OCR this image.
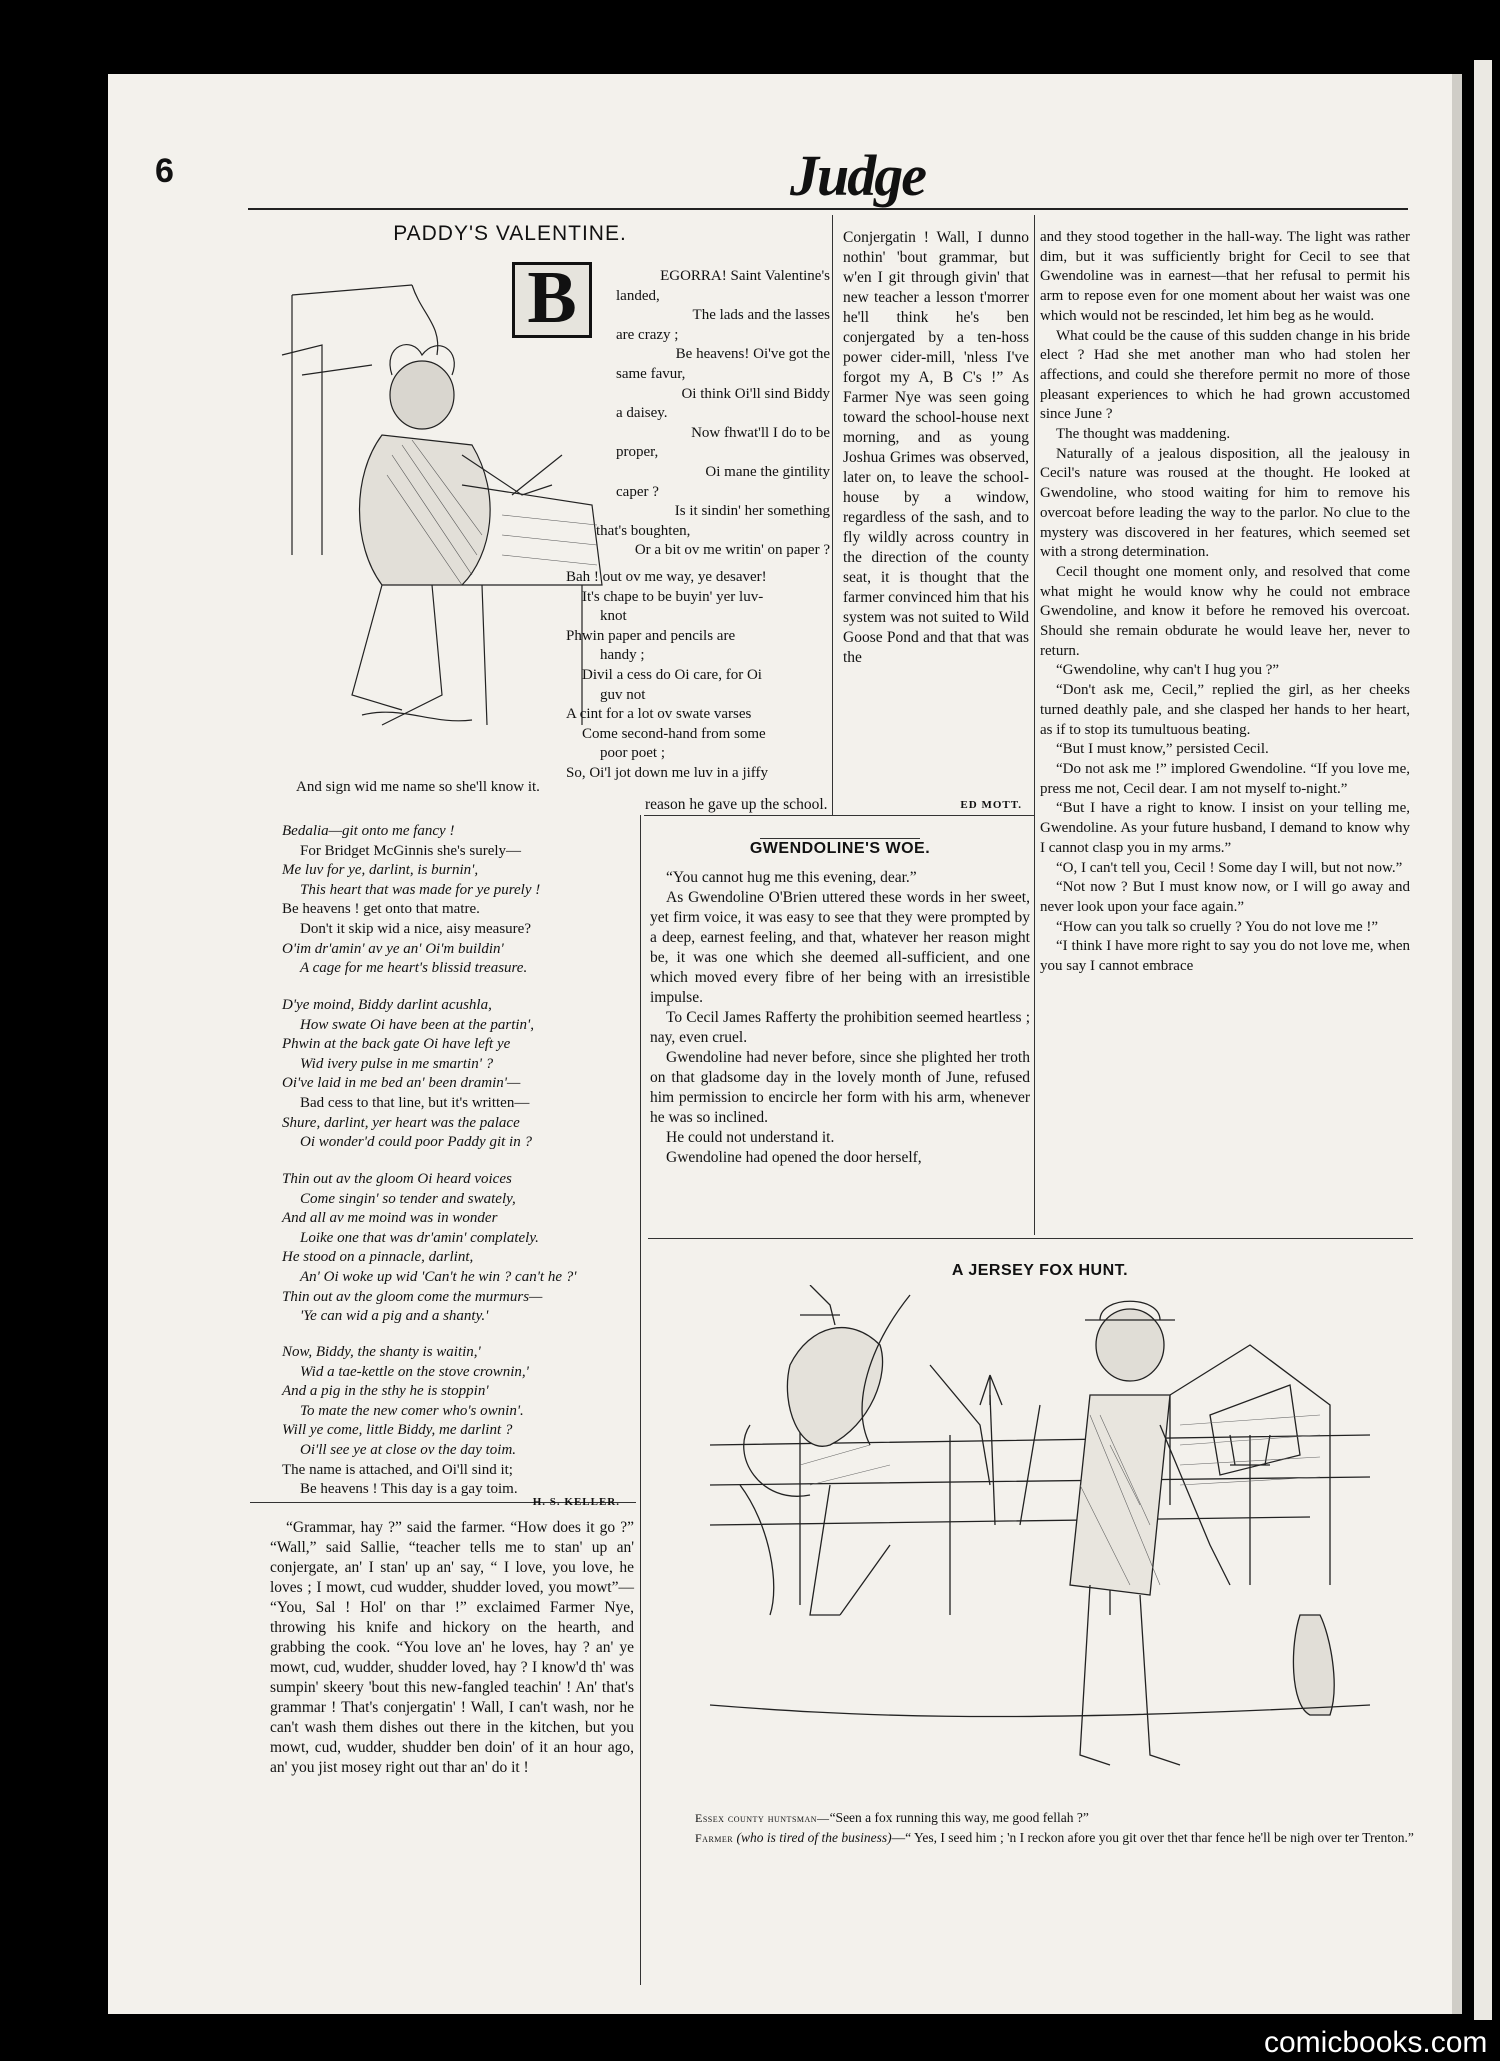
6	Judge
PADDY'S VALENTINE.
B	EGORRA! Saint Valentine's
landed,
The lads and the lasses
are crazy ;
Be heavens! Oi've got the
same favur,
Oi think Oi'll sind Biddy
a daisey.
Now fhwat'll I do to be
proper,
Oi mane the gintility
caper ?
Is it sindin' her something
that's boughten,
Or a bit ov me writin' on paper ?
Bah ! out ov me way, ye desaver!
It's chape to be buyin' yer luv-
knot
Phwin paper and pencils are
handy ;
Divil a cess do Oi care, for Oi
guv not
A cint for a lot ov swate varses
Come second-hand from some
poor poet ;
So, Oi'l jot down me luv in a jiffy
And sign wid me name so she'll know it.
Bedalia—git onto me fancy !
For Bridget McGinnis she's surely—
Me luv for ye, darlint, is burnin',
This heart that was made for ye purely !
Be heavens ! get onto that matre.
Don't it skip wid a nice, aisy measure?
O'im dr'amin' av ye an' Oi'm buildin'
A cage for me heart's blissid treasure.
D'ye moind, Biddy darlint acushla,
How swate Oi have been at the partin',
Phwin at the back gate Oi have left ye
Wid ivery pulse in me smartin' ?
Oi've laid in me bed an' been dramin'—
Bad cess to that line, but it's written—
Shure, darlint, yer heart was the palace
Oi wonder'd could poor Paddy git in ?
Thin out av the gloom Oi heard voices
Come singin' so tender and swately,
And all av me moind was in wonder
Loike one that was dr'amin' complately.
He stood on a pinnacle, darlint,
An' Oi woke up wid 'Can't he win ? can't he ?'
Thin out av the gloom come the murmurs—
'Ye can wid a pig and a shanty.'
Now, Biddy, the shanty is waitin,'
Wid a tae-kettle on the stove crownin,'
And a pig in the sthy he is stoppin'
To mate the new comer who's ownin'.
Will ye come, little Biddy, me darlint ?
Oi'll see ye at close ov the day toim.
The name is attached, and Oi'll sind it;
Be heavens ! This day is a gay toim.
H. S. KELLER.

“Grammar, hay ?” said the farmer. “How does it go ?” “Wall,” said Sallie, “teacher tells me to stan' up an' conjergate, an' I stan' up an' say, “ I love, you love, he loves ; I mowt, cud wudder, shudder loved, you mowt”— “You, Sal ! Hol' on thar !” exclaimed Farmer Nye, throwing his knife and hickory on the hearth, and grabbing the cook. “You love an' he loves, hay ? an' ye mowt, cud, wudder, shudder loved, hay ? I know'd th' was sumpin' skeery 'bout this new-fangled teachin' ! An' that's grammar ! That's conjergatin' ! Wall, I can't wash, nor he can't wash them dishes out there in the kitchen, but you mowt, cud, wudder, shudder ben doin' of it an hour ago, an' you jist mosey right out thar an' do it !

Conjergatin ! Wall, I dunno nothin' 'bout grammar, but w'en I git through givin' that new teacher a lesson t'morrer he'll think he's ben conjergated by a ten-hoss power cider-mill, 'nless I've forgot my A, B C's !” As Farmer Nye was seen going toward the school-house next morning, and as young Joshua Grimes was observed, later on, to leave the school-house by a window, regardless of the sash, and to fly wildly across country in the direction of the county seat, it is thought that the farmer convinced him that his system was not suited to Wild Goose Pond and that that was the

reason he gave up the school.	ED MOTT.
GWENDOLINE'S WOE.

“You cannot hug me this evening, dear.”

As Gwendoline O'Brien uttered these words in her sweet, yet firm voice, it was easy to see that they were prompted by a deep, earnest feeling, and that, whatever her reason might be, it was one which she deemed all-sufficient, and one which moved every fibre of her being with an irresistible impulse.

To Cecil James Rafferty the prohibition seemed heartless ; nay, even cruel.

Gwendoline had never before, since she plighted her troth on that gladsome day in the lovely month of June, refused him permission to encircle her form with his arm, whenever he was so inclined.

He could not understand it.

Gwendoline had opened the door herself,

and they stood together in the hall-way. The light was rather dim, but it was sufficiently bright for Cecil to see that Gwendoline was in earnest—that her refusal to permit his arm to repose even for one moment about her waist was one which would not be rescinded, let him beg as he would.

What could be the cause of this sudden change in his bride elect ? Had she met another man who had stolen her affections, and could she therefore permit no more of those pleasant experiences to which he had grown accustomed since June ?

The thought was maddening.

Naturally of a jealous disposition, all the jealousy in Cecil's nature was roused at the thought. He looked at Gwendoline, who stood waiting for him to remove his overcoat before leading the way to the parlor. No clue to the mystery was discovered in her features, which seemed set with a strong determination.

Cecil thought one moment only, and resolved that come what might he would know why he could not embrace Gwendoline, and know it before he removed his overcoat. Should she remain obdurate he would leave her, never to return.

“Gwendoline, why can't I hug you ?”

“Don't ask me, Cecil,” replied the girl, as her cheeks turned deathly pale, and she clasped her hands to her heart, as if to stop its tumultuous beating.

“But I must know,” persisted Cecil.

“Do not ask me !” implored Gwendoline. “If you love me, press me not, Cecil dear. I am not myself to-night.”

“But I have a right to know. I insist on your telling me, Gwendoline. As your future husband, I demand to know why I cannot clasp you in my arms.”

“O, I can't tell you, Cecil ! Some day I will, but not now.”

“Not now ? But I must know now, or I will go away and never look upon your face again.”

“How can you talk so cruelly ? You do not love me !”

“I think I have more right to say you do not love me, when you say I cannot embrace

A JERSEY FOX HUNT.
Essex county huntsman—“Seen a fox running this way, me good fellah ?”
Farmer (who is tired of the business)—“ Yes, I seed him ; 'n I reckon afore you git over thet thar fence he'll be nigh over ter Trenton.”
comicbooks.com
